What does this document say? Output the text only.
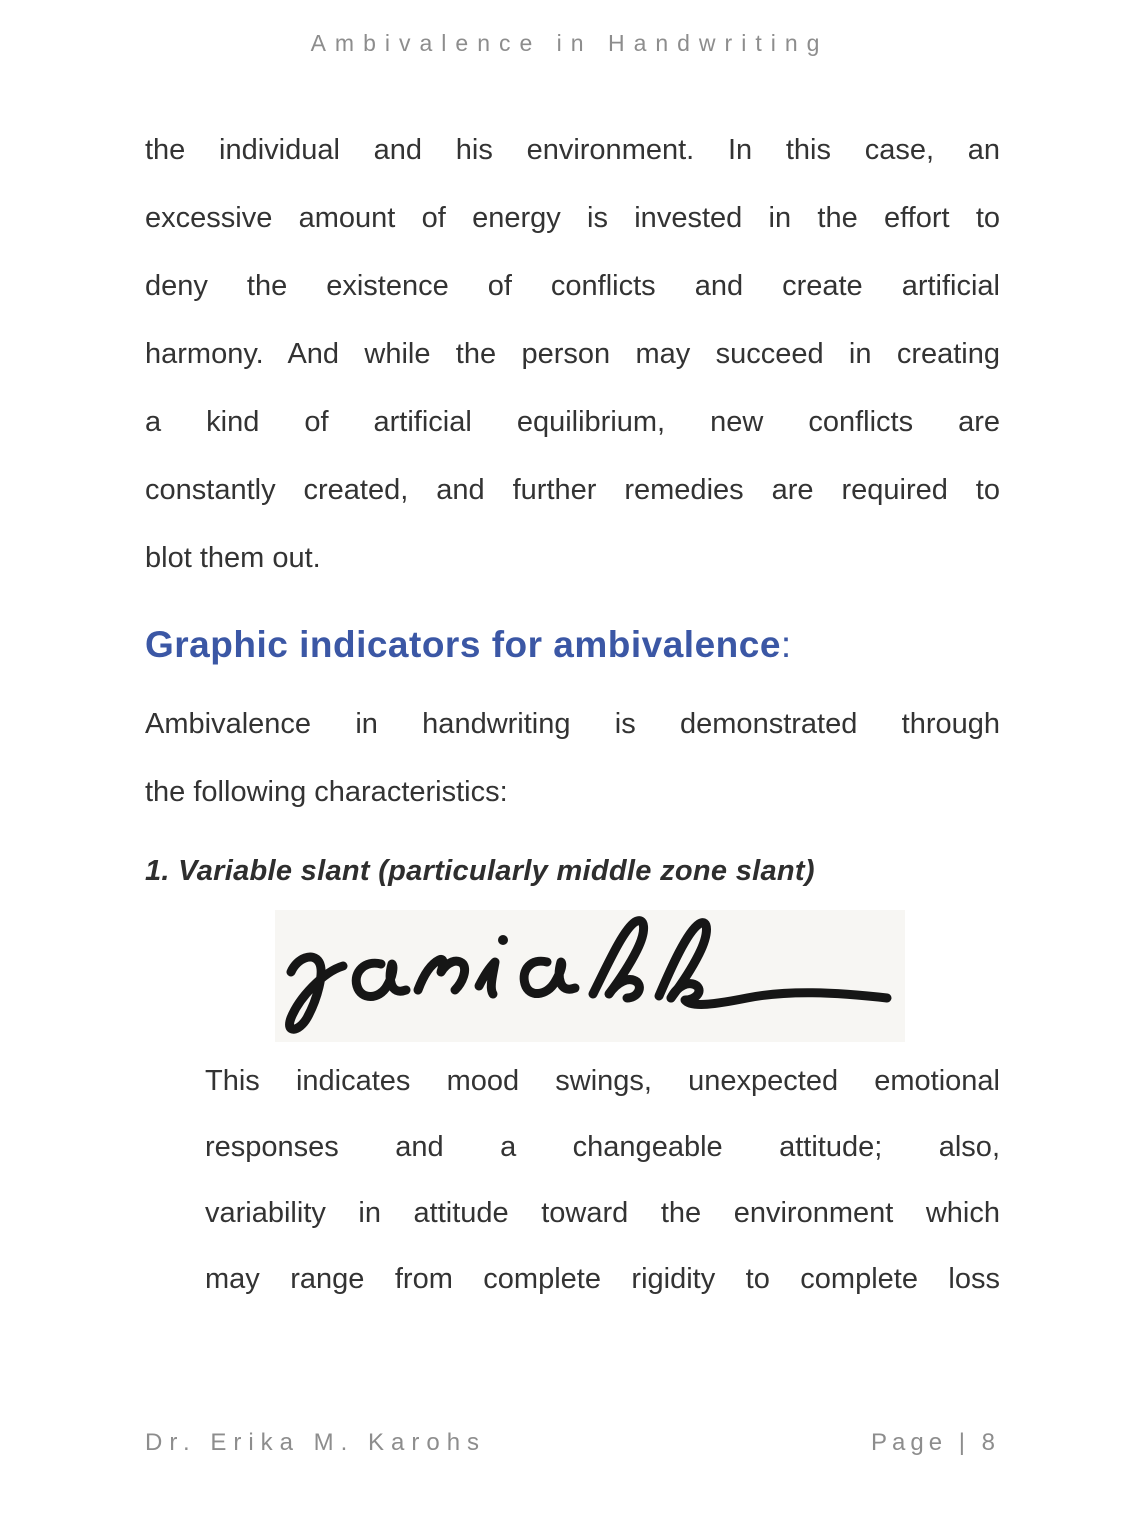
Ambivalence in Handwriting
the individual and his environment. In this case, an
excessive amount of energy is invested in the effort to
deny the existence of conflicts and create artificial
harmony. And while the person may succeed in creating
a kind of artificial equilibrium, new conflicts are
constantly created, and further remedies are required to
blot them out.
Graphic indicators for ambivalence:
Ambivalence in handwriting is demonstrated through
the following characteristics:
1. Variable slant (particularly middle zone slant)
This indicates mood swings, unexpected emotional
responses and a changeable attitude; also,
variability in attitude toward the environment which
may range from complete rigidity to complete loss
Dr. Erika M. Karohs	Page | 8
